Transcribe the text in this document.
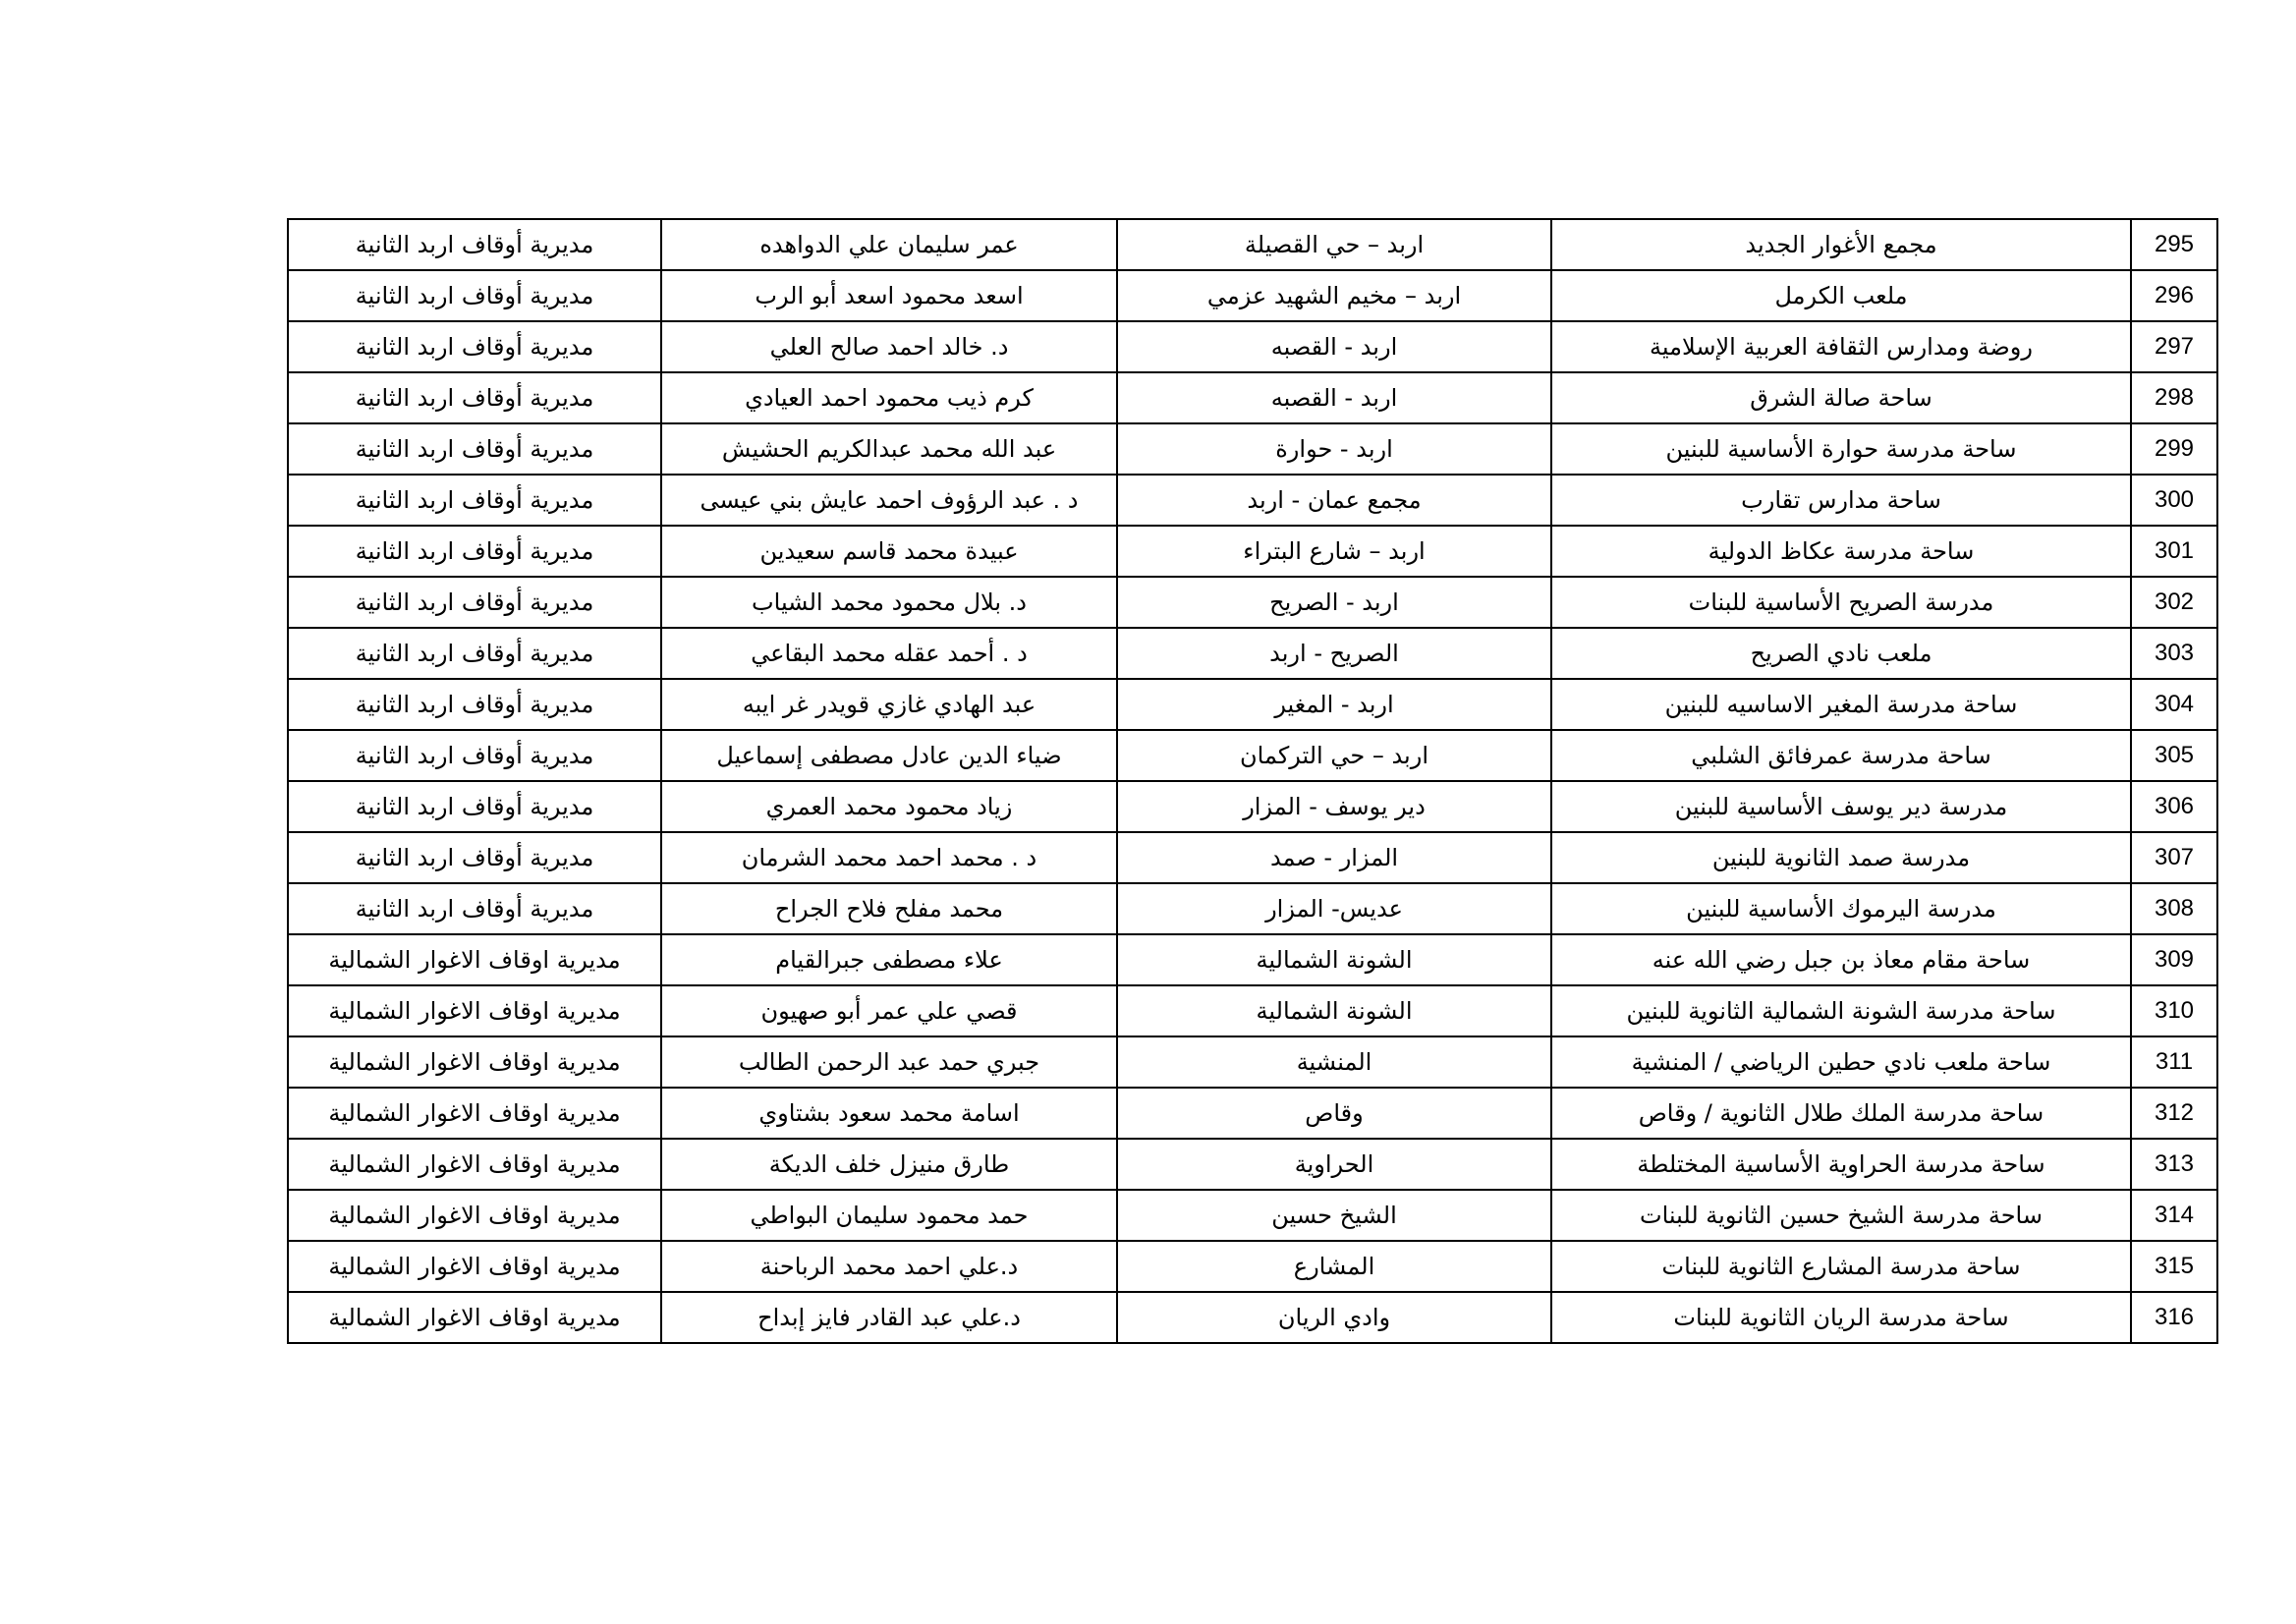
295	مجمع الأغوار الجديد	اربد – حي القصيلة	عمر سليمان علي الدواهده	مديرية أوقاف اربد الثانية
296	ملعب الكرمل	اربد – مخيم الشهيد عزمي	اسعد محمود اسعد أبو الرب	مديرية أوقاف اربد الثانية
297	روضة ومدارس الثقافة العربية الإسلامية	اربد - القصبه	د. خالد احمد صالح العلي	مديرية أوقاف اربد الثانية
298	ساحة صالة الشرق	اربد - القصبه	كرم ذيب محمود احمد العيادي	مديرية أوقاف اربد الثانية
299	ساحة مدرسة حوارة الأساسية للبنين	اربد - حوارة	عبد الله محمد عبدالكريم الحشيش	مديرية أوقاف اربد الثانية
300	ساحة مدارس تقارب	مجمع عمان - اربد	د . عبد الرؤوف احمد عايش بني عيسى	مديرية أوقاف اربد الثانية
301	ساحة مدرسة عكاظ الدولية	اربد – شارع البتراء	عبيدة محمد قاسم سعيدين	مديرية أوقاف اربد الثانية
302	مدرسة الصريح الأساسية للبنات	اربد - الصريح	د. بلال محمود محمد الشياب	مديرية أوقاف اربد الثانية
303	ملعب نادي الصريح	الصريح - اربد	د . أحمد عقله محمد البقاعي	مديرية أوقاف اربد الثانية
304	ساحة مدرسة المغير الاساسيه للبنين	اربد - المغير	عبد الهادي غازي قويدر غر ايبه	مديرية أوقاف اربد الثانية
305	ساحة مدرسة عمرفائق الشلبي	اربد – حي التركمان	ضياء الدين عادل مصطفى إسماعيل	مديرية أوقاف اربد الثانية
306	مدرسة دير يوسف الأساسية للبنين	دير يوسف - المزار	زياد محمود محمد العمري	مديرية أوقاف اربد الثانية
307	مدرسة صمد الثانوية للبنين	المزار - صمد	د . محمد احمد محمد الشرمان	مديرية أوقاف اربد الثانية
308	مدرسة اليرموك الأساسية للبنين	عديس- المزار	محمد مفلح فلاح الجراح	مديرية أوقاف اربد الثانية
309	ساحة مقام معاذ بن جبل رضي الله عنه	الشونة الشمالية	علاء مصطفى جبرالقيام	مديرية اوقاف الاغوار الشمالية
310	ساحة مدرسة الشونة الشمالية الثانوية للبنين	الشونة الشمالية	قصي علي عمر أبو صهيون	مديرية اوقاف الاغوار الشمالية
311	ساحة ملعب نادي حطين الرياضي / المنشية	المنشية	جبري حمد عبد الرحمن الطالب	مديرية اوقاف الاغوار الشمالية
312	ساحة مدرسة الملك طلال الثانوية / وقاص	وقاص	اسامة محمد سعود بشتاوي	مديرية اوقاف الاغوار الشمالية
313	ساحة مدرسة الحراوية الأساسية المختلطة	الحراوية	طارق منيزل خلف الديكة	مديرية اوقاف الاغوار الشمالية
314	ساحة مدرسة الشيخ حسين الثانوية للبنات	الشيخ حسين	حمد محمود سليمان البواطي	مديرية اوقاف الاغوار الشمالية
315	ساحة مدرسة المشارع الثانوية للبنات	المشارع	د.علي احمد محمد الرباحنة	مديرية اوقاف الاغوار الشمالية
316	ساحة مدرسة الريان الثانوية للبنات	وادي الريان	د.علي عبد القادر فايز إبداح	مديرية اوقاف الاغوار الشمالية
